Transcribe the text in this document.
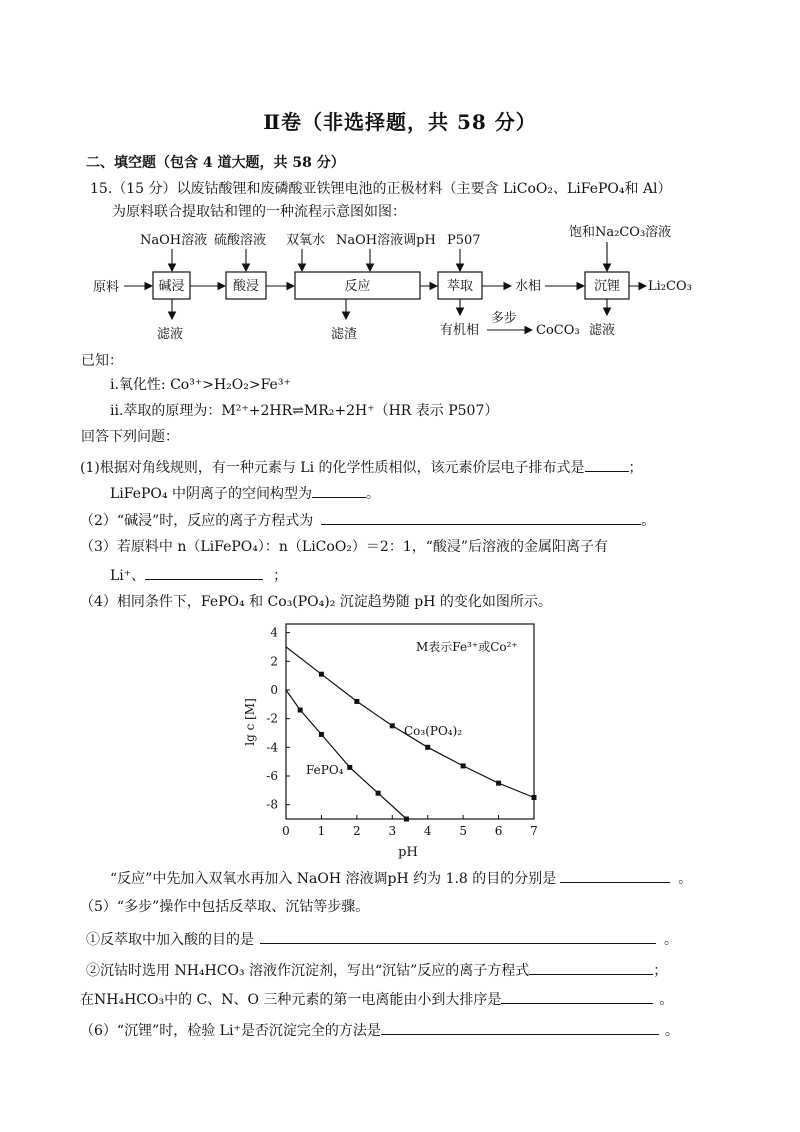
Ⅱ卷（非选择题，共 58 分）
二、填空题（包含 4 道大题，共 58 分）
15.（15 分）以废钴酸锂和废磷酸亚铁锂电池的正极材料（主要含 LiCoO₂、LiFePO₄和 Al）
为原料联合提取钴和锂的一种流程示意图如图：
NaOH溶液 硫酸溶液 双氧水 NaOH溶液调pH P507
饱和Na₂CO₃溶液
原料	碱浸	酸浸	反应	萃取	沉锂
水相	Li₂CO₃
滤液	滤渣	有机相
多步
CoCO₃ 滤液
已知：
i.氧化性: Co³⁺>H₂O₂>Fe³⁺
ii.萃取的原理为：M²⁺+2HR⇌MR₂+2H⁺（HR 表示 P507）
回答下列问题：
(1)根据对角线规则，有一种元素与 Li 的化学性质相似，该元素价层电子排布式是	；
LiFePO₄ 中阴离子的空间构型为	。
（2）“碱浸”时，反应的离子方程式为	。
（3）若原料中 n（LiFePO₄）：n（LiCoO₂）＝2：1，“酸浸”后溶液的金属阳离子有
Li⁺、	；
（4）相同条件下，FePO₄ 和 Co₃(PO₄)₂ 沉淀趋势随 pH 的变化如图所示。
0 1 2 3 4 5 6 7
4
2
0
-2
-4
-6
-8
M表示Fe³⁺或Co²⁺
Co₃(PO₄)₂
FePO₄
pH
lg c [M]
“反应”中先加入双氧水再加入 NaOH 溶液调pH 约为 1.8 的目的分别是	。
（5）“多步”操作中包括反萃取、沉钴等步骤。
①反萃取中加入酸的目的是	。
②沉钴时选用 NH₄HCO₃ 溶液作沉淀剂，写出“沉钴”反应的离子方程式	；
在NH₄HCO₃中的 C、N、O 三种元素的第一电离能由小到大排序是	。
（6）“沉锂”时，检验 Li⁺是否沉淀完全的方法是	。
